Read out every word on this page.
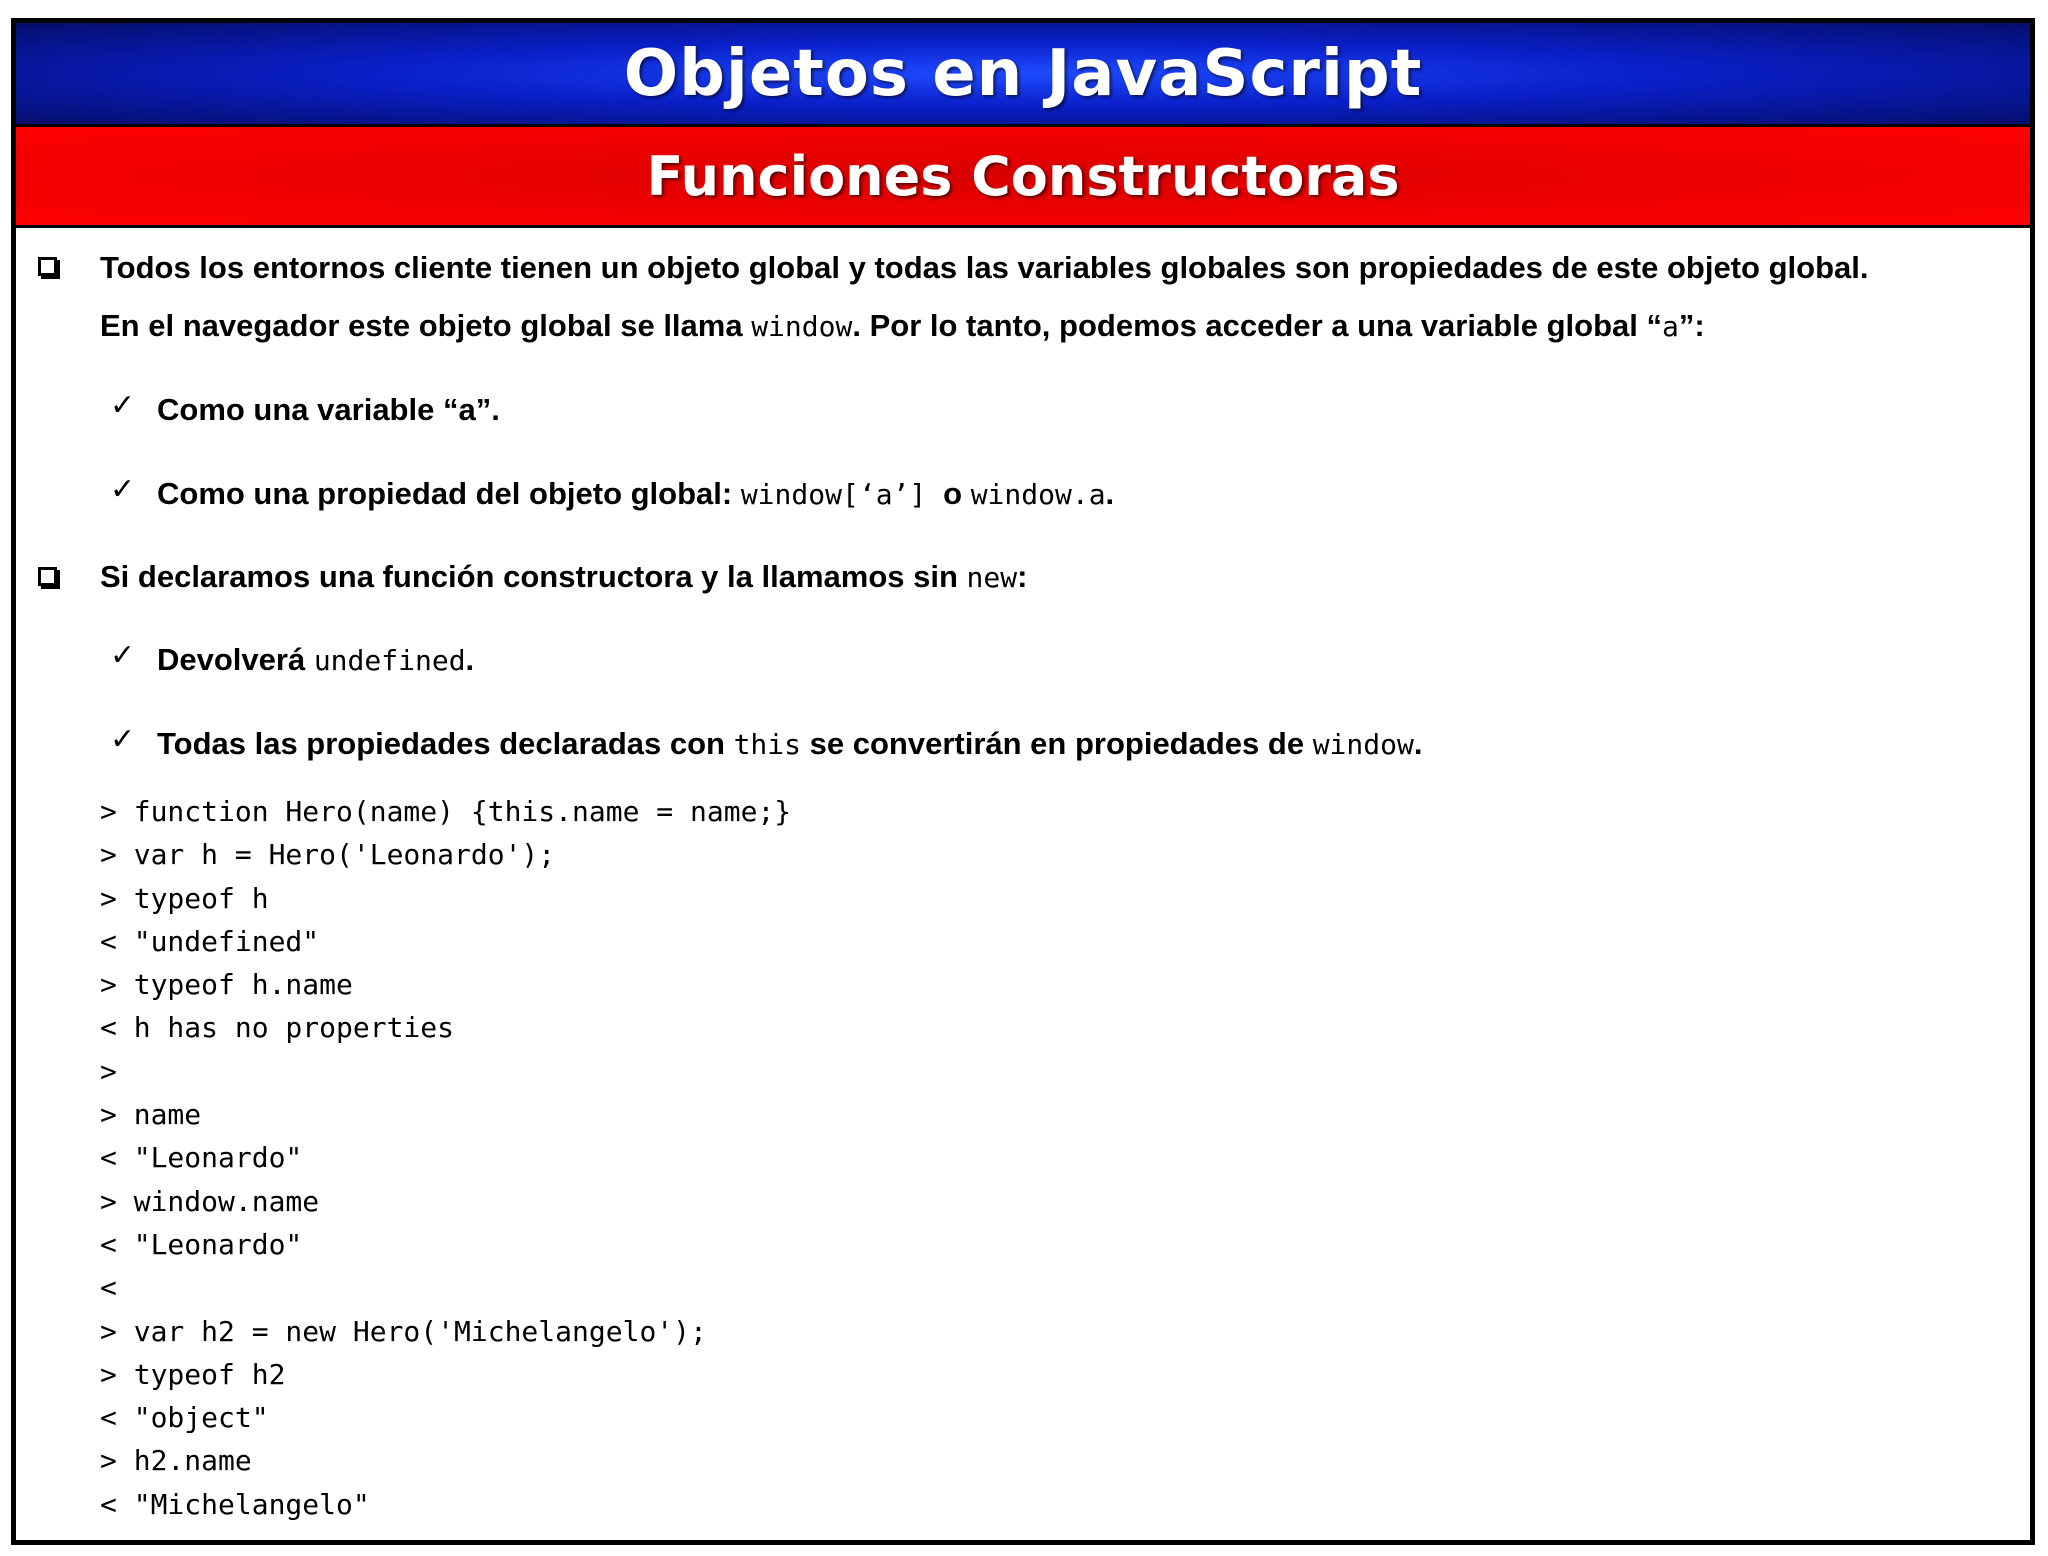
Objetos en JavaScript
Funciones Constructoras
Todos los entornos cliente tienen un objeto global y todas las variables globales son propiedades de este objeto global.
En el navegador este objeto global se llama window. Por lo tanto, podemos acceder a una variable global “a”:
✓ Como una variable “a”.
✓ Como una propiedad del objeto global: window[‘a’] o window.a.
Si declaramos una función constructora y la llamamos sin new:
✓ Devolverá undefined.
✓ Todas las propiedades declaradas con this se convertirán en propiedades de window.
> function Hero(name) {this.name = name;}
> var h = Hero('Leonardo');
> typeof h
< "undefined"
> typeof h.name
< h has no properties
>
> name
< "Leonardo"
> window.name
< "Leonardo"
<
> var h2 = new Hero('Michelangelo');
> typeof h2
< "object"
> h2.name
< "Michelangelo"
